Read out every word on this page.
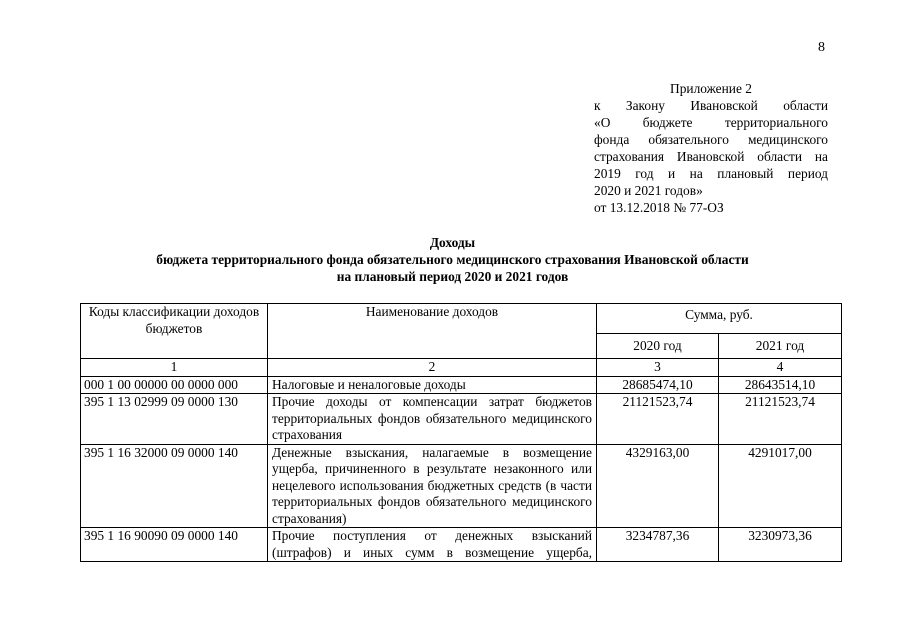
8
Приложение 2
к Закону Ивановской области
«О бюджете территориального
фонда обязательного медицинского
страхования Ивановской области на
2019 год и на плановый период
2020 и 2021 годов»
от 13.12.2018 № 77-ОЗ
Доходы
бюджета территориального фонда обязательного медицинского страхования Ивановской области
на плановый период 2020 и 2021 годов
Коды классификации доходов бюджетов	Наименование доходов	Сумма, руб.	
		2020 год	2021 год
1	2	3	4
000 1 00 00000 00 0000 000	Налоговые и неналоговые доходы	28685474,10	28643514,10
395 1 13 02999 09 0000 130	Прочие доходы от компенсации затрат бюджетов территориальных фондов обязательного медицинского страхования	21121523,74	21121523,74
395 1 16 32000 09 0000 140	Денежные взыскания, налагаемые в возмещение ущерба, причиненного в результате незаконного или нецелевого использования бюджетных средств (в части территориальных фондов обязательного медицинского страхования)	4329163,00	4291017,00
395 1 16 90090 09 0000 140	Прочие поступления от денежных взысканий (штрафов) и иных сумм в возмещение ущерба,	3234787,36	3230973,36
